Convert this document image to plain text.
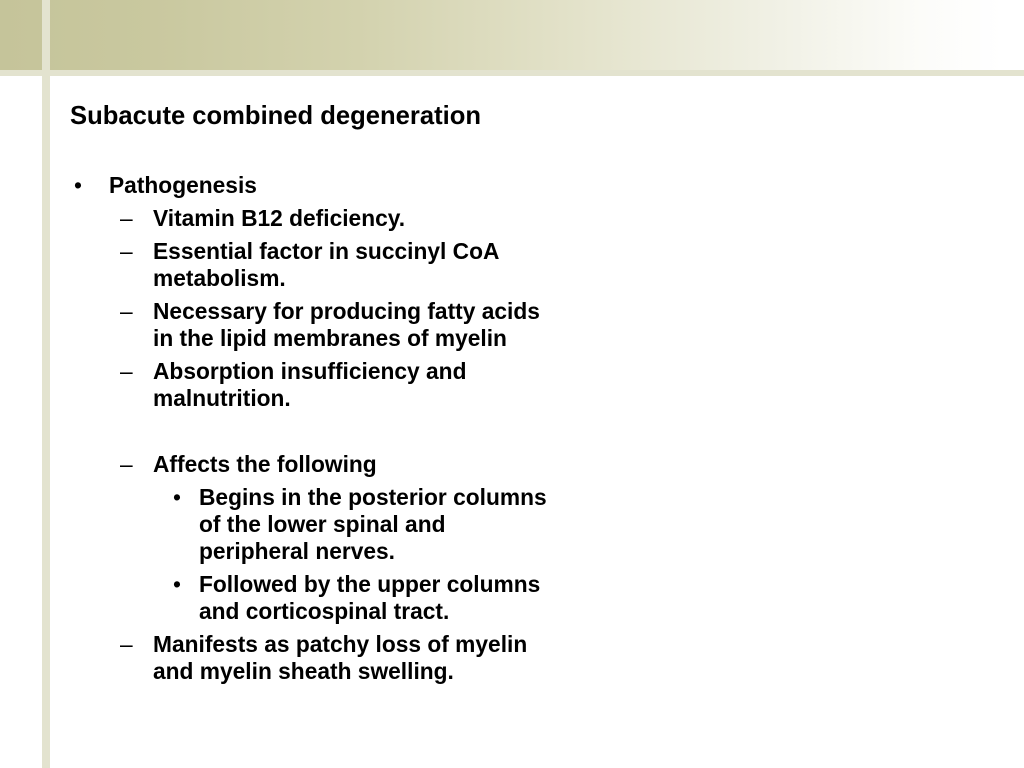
Subacute combined degeneration
• Pathogenesis
– Vitamin B12 deficiency.
– Essential factor in succinyl CoA metabolism.
– Necessary for producing fatty acids in the lipid membranes of myelin
– Absorption insufficiency and malnutrition.
– Affects the following
• Begins in the posterior columns of the lower spinal and peripheral nerves.
• Followed by the upper columns and corticospinal tract.
– Manifests as patchy loss of myelin and myelin sheath swelling.
